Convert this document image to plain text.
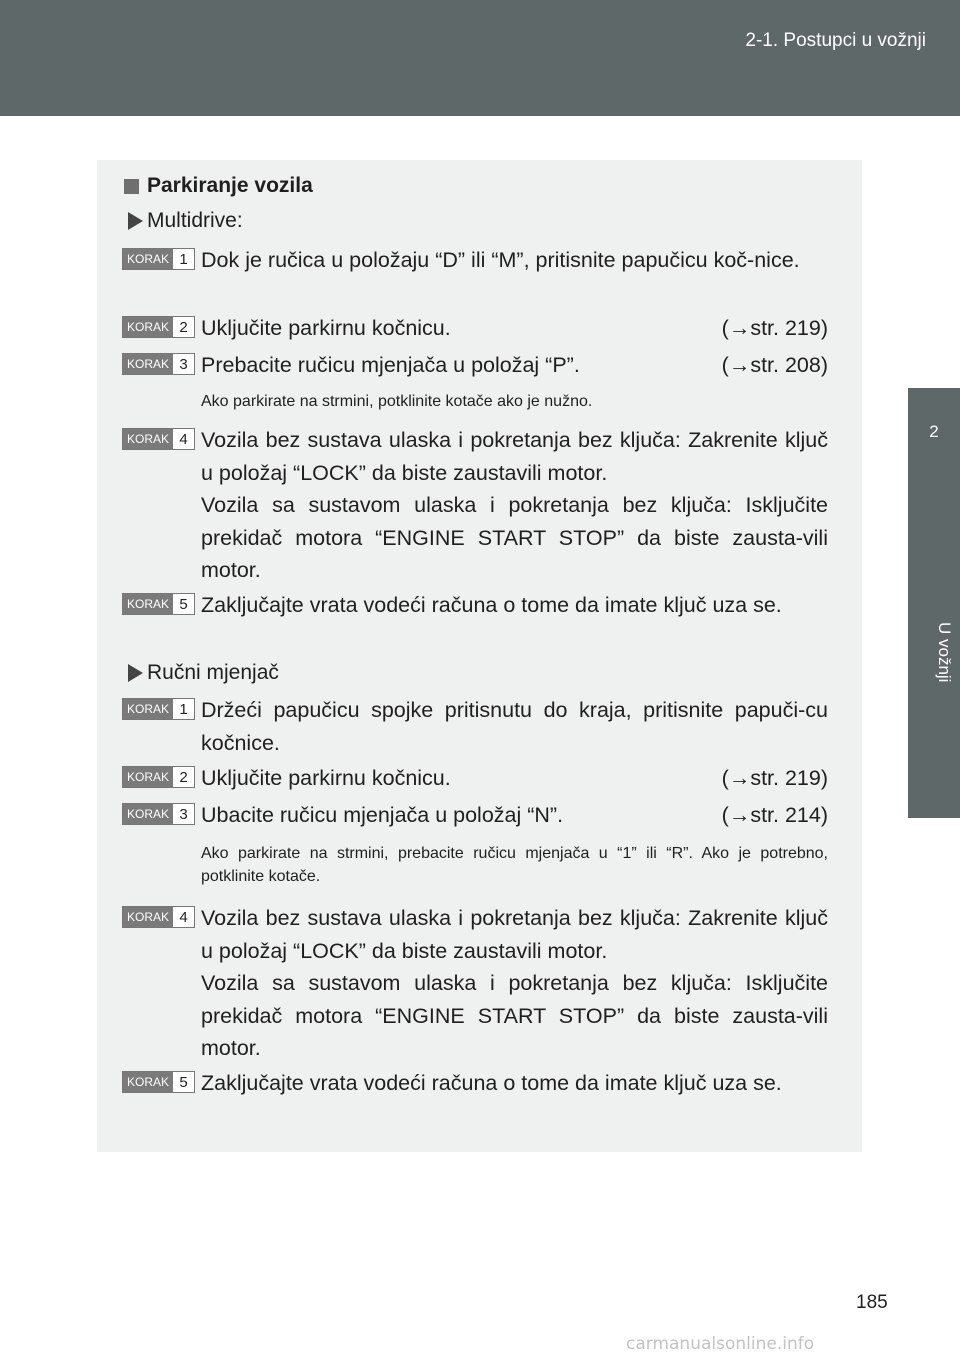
2-1. Postupci u vožnji
2
U vožnji
Parkiranje vozila
Multidrive:
KORAK 1 Dok je ručica u položaju “D” ili “M”, pritisnite papučicu koč-nice.
KORAK 2 Uključite parkirnu kočnicu.	(→str. 219)
KORAK 3 Prebacite ručicu mjenjača u položaj “P”.	(→str. 208)
Ako parkirate na strmini, potklinite kotače ako je nužno.
KORAK 4 Vozila bez sustava ulaska i pokretanja bez ključa: Zakrenite ključ u položaj “LOCK” da biste zaustavili motor.
Vozila sa sustavom ulaska i pokretanja bez ključa: Isključite prekidač motora “ENGINE START STOP” da biste zausta-vili motor.
KORAK 5 Zaključajte vrata vodeći računa o tome da imate ključ uza se.
Ručni mjenjač
KORAK 1 Držeći papučicu spojke pritisnutu do kraja, pritisnite papuči-cu kočnice.
KORAK 2 Uključite parkirnu kočnicu.	(→str. 219)
KORAK 3 Ubacite ručicu mjenjača u položaj “N”.	(→str. 214)
Ako parkirate na strmini, prebacite ručicu mjenjača u “1” ili “R”. Ako je potrebno, potklinite kotače.
KORAK 4 Vozila bez sustava ulaska i pokretanja bez ključa: Zakrenite ključ u položaj “LOCK” da biste zaustavili motor.
Vozila sa sustavom ulaska i pokretanja bez ključa: Isključite prekidač motora “ENGINE START STOP” da biste zausta-vili motor.
KORAK 5 Zaključajte vrata vodeći računa o tome da imate ključ uza se.
185
carmanualsonline.info
